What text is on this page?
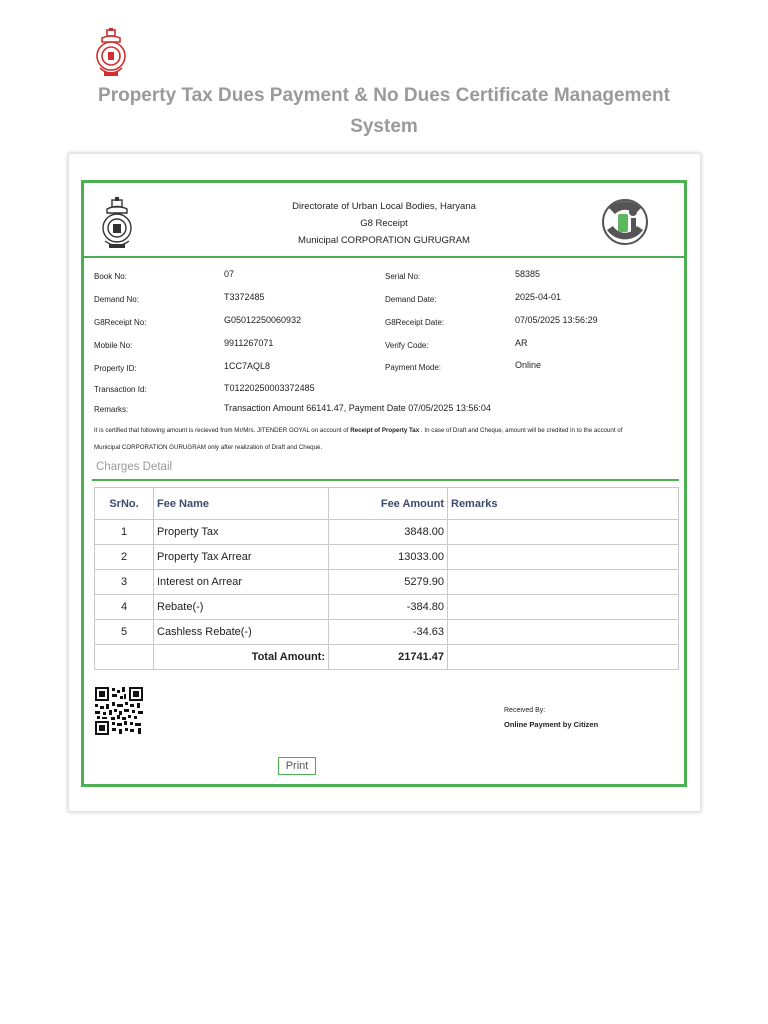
Property Tax Dues Payment & No Dues Certificate Management System
Directorate of Urban Local Bodies, Haryana
G8 Receipt
Municipal CORPORATION GURUGRAM
Book No:	07	Serial No:	58385
Demand No:	T3372485	Demand Date:	2025-04-01
G8Receipt No:	G05012250060932	G8Receipt Date:	07/05/2025 13:56:29
Mobile No:	9911267071	Verify Code:	AR
Property ID:	1CC7AQL8	Payment Mode:	Online
Transaction Id:	T01220250003372485
Remarks:	Transaction Amount 66141.47, Payment Date 07/05/2025 13:56:04
It is certified that following amount is recieved from Mr/Mrs. JITENDER GOYAL on account of Receipt of Property Tax . In case of Draft and Cheque, amount will be credited in to the account of
Municipal CORPORATION GURUGRAM only after realization of Draft and Cheque.
Charges Detail
SrNo.	Fee Name	Fee Amount	Remarks
1	Property Tax	3848.00	
2	Property Tax Arrear	13033.00	
3	Interest on Arrear	5279.90	
4	Rebate(-)	-384.80	
5	Cashless Rebate(-)	-34.63	
	Total Amount:	21741.47	
Received By:
Online Payment by Citizen
Print
